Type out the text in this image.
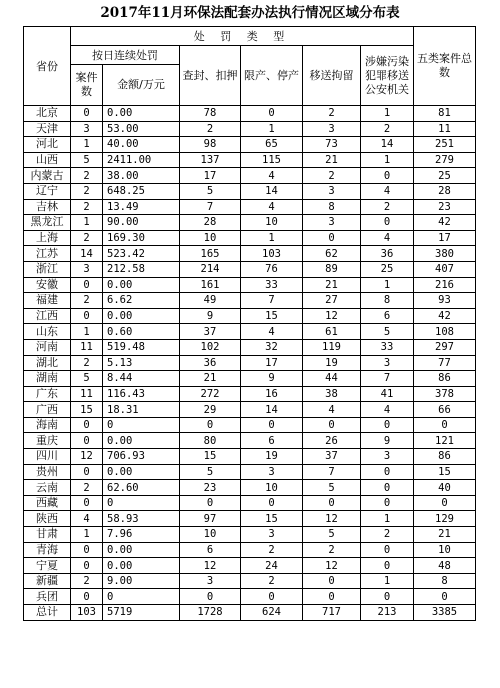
2017年11月环保法配套办法执行情况区域分布表
省份	处 罚 类 型						五类案件总数
	按日连续处罚		查封、扣押	限产、停产	移送拘留	涉嫌污染犯罪移送公安机关	
	案件数	金额/万元					
北京	0	0.00	78	0	2	1	81
天津	3	53.00	2	1	3	2	11
河北	1	40.00	98	65	73	14	251
山西	5	2411.00	137	115	21	1	279
内蒙古	2	38.00	17	4	2	0	25
辽宁	2	648.25	5	14	3	4	28
吉林	2	13.49	7	4	8	2	23
黑龙江	1	90.00	28	10	3	0	42
上海	2	169.30	10	1	0	4	17
江苏	14	523.42	165	103	62	36	380
浙江	3	212.58	214	76	89	25	407
安徽	0	0.00	161	33	21	1	216
福建	2	6.62	49	7	27	8	93
江西	0	0.00	9	15	12	6	42
山东	1	0.60	37	4	61	5	108
河南	11	519.48	102	32	119	33	297
湖北	2	5.13	36	17	19	3	77
湖南	5	8.44	21	9	44	7	86
广东	11	116.43	272	16	38	41	378
广西	15	18.31	29	14	4	4	66
海南	0	0	0	0	0	0	0
重庆	0	0.00	80	6	26	9	121
四川	12	706.93	15	19	37	3	86
贵州	0	0.00	5	3	7	0	15
云南	2	62.60	23	10	5	0	40
西藏	0	0	0	0	0	0	0
陕西	4	58.93	97	15	12	1	129
甘肃	1	7.96	10	3	5	2	21
青海	0	0.00	6	2	2	0	10
宁夏	0	0.00	12	24	12	0	48
新疆	2	9.00	3	2	0	1	8
兵团	0	0	0	0	0	0	0
总计	103	5719	1728	624	717	213	3385
